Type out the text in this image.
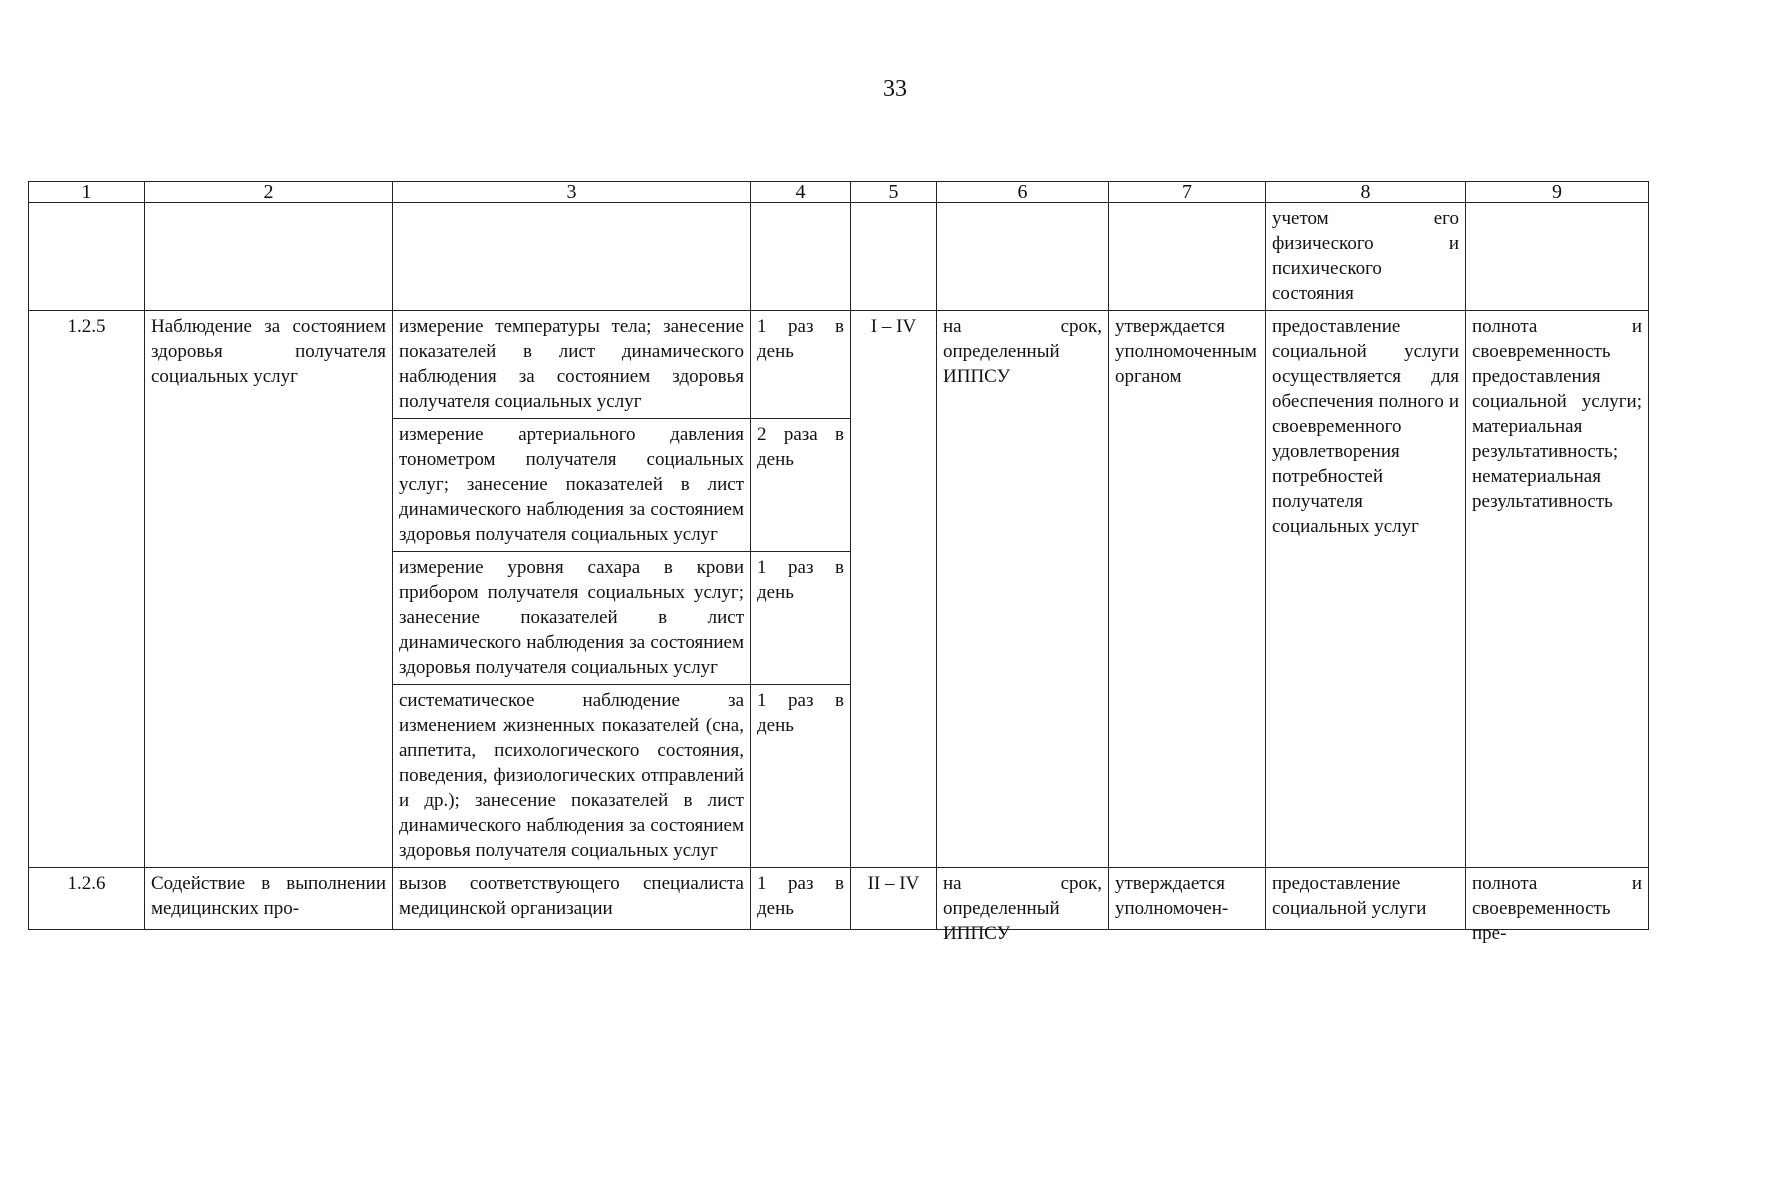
33
1	2	3	4	5	6	7	8	9
							учетом его физического и психического состояния	
1.2.5	Наблюдение за состоянием здоровья получателя социальных услуг	измерение температуры тела; занесение показателей в лист динамического наблюдения за состоянием здоровья получателя социальных услуг	1 раз в день	I – IV	на срок, определенный ИППСУ	утверждается уполномоченным органом	предоставление социальной услуги осуществляется для обеспечения полного и своевременного удовлетворения потребностей получателя социальных услуг	полнота и своевременность предоставления социальной услуги; материальная результативность; нематериальная результативность
		измерение артериального давления тонометром получателя социальных услуг; занесение показателей в лист динамического наблюдения за состоянием здоровья получателя социальных услуг	2 раза в день					
		измерение уровня сахара в крови прибором получателя социальных услуг; занесение показателей в лист динамического наблюдения за состоянием здоровья получателя социальных услуг	1 раз в день					
		систематическое наблюдение за изменением жизненных показателей (сна, аппетита, психологического состояния, поведения, физиологических отправлений и др.); занесение показателей в лист динамического наблюдения за состоянием здоровья получателя социальных услуг	1 раз в день					

1.2.6	Содействие в выполнении медицинских про-	вызов соответствующего специалиста медицинской организации	1 раз в день	II – IV	на срок, определенный ИППСУ	утверждается уполномочен-	предоставление социальной услуги	полнота и своевременность пре-
